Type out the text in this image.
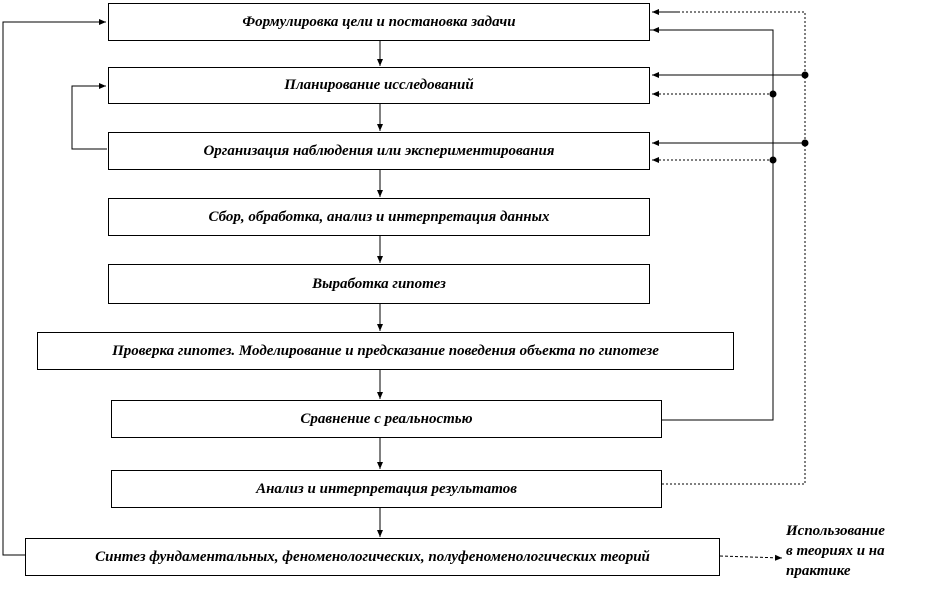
Формулировка цели и постановка задачи
Планирование исследований
Организация наблюдения или экспериментирования
Сбор, обработка, анализ и интерпретация данных
Выработка гипотез
Проверка гипотез. Моделирование и предсказание поведения объекта по гипотезе
Сравнение с реальностью
Анализ и интерпретация результатов
Синтез фундаментальных, феноменологических, полуфеноменологических теорий
Использование
в теориях и на
практике
